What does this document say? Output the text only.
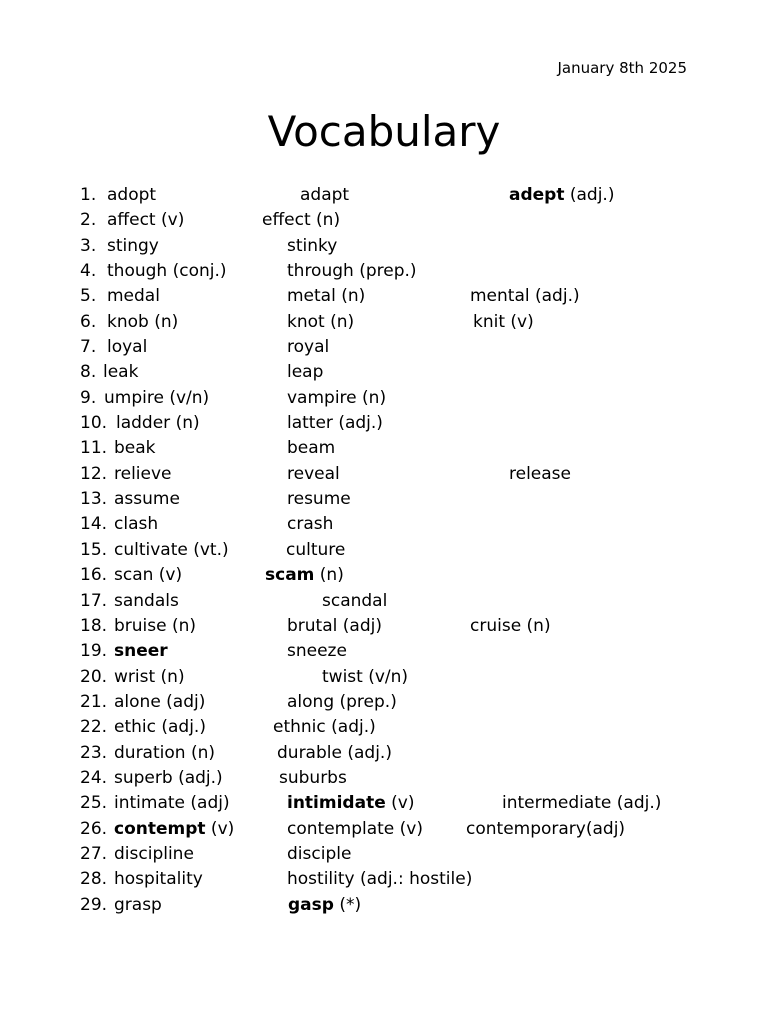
January 8th 2025
Vocabulary
1. adopt	adapt	adept (adj.)
2. affect (v)	effect (n)
3. stingy	stinky
4. though (conj.)	through (prep.)
5. medal	metal (n)	mental (adj.)
6. knob (n)	knot (n)	knit (v)
7. loyal	royal
8. leak	leap
9. umpire (v/n)	vampire (n)
10. ladder (n)	latter (adj.)
11. beak	beam
12. relieve	reveal	release
13. assume	resume
14. clash	crash
15. cultivate (vt.)	culture
16. scan (v)	scam (n)
17. sandals	scandal
18. bruise (n)	brutal (adj)	cruise (n)
19. sneer	sneeze
20. wrist (n)	twist (v/n)
21. alone (adj)	along (prep.)
22. ethic (adj.)	ethnic (adj.)
23. duration (n)	durable (adj.)
24. superb (adj.)	suburbs
25. intimate (adj)	intimidate (v)	intermediate (adj.)
26. contempt (v)	contemplate (v)	contemporary(adj)
27. discipline	disciple
28. hospitality	hostility (adj.: hostile)
29. grasp	gasp (*)
